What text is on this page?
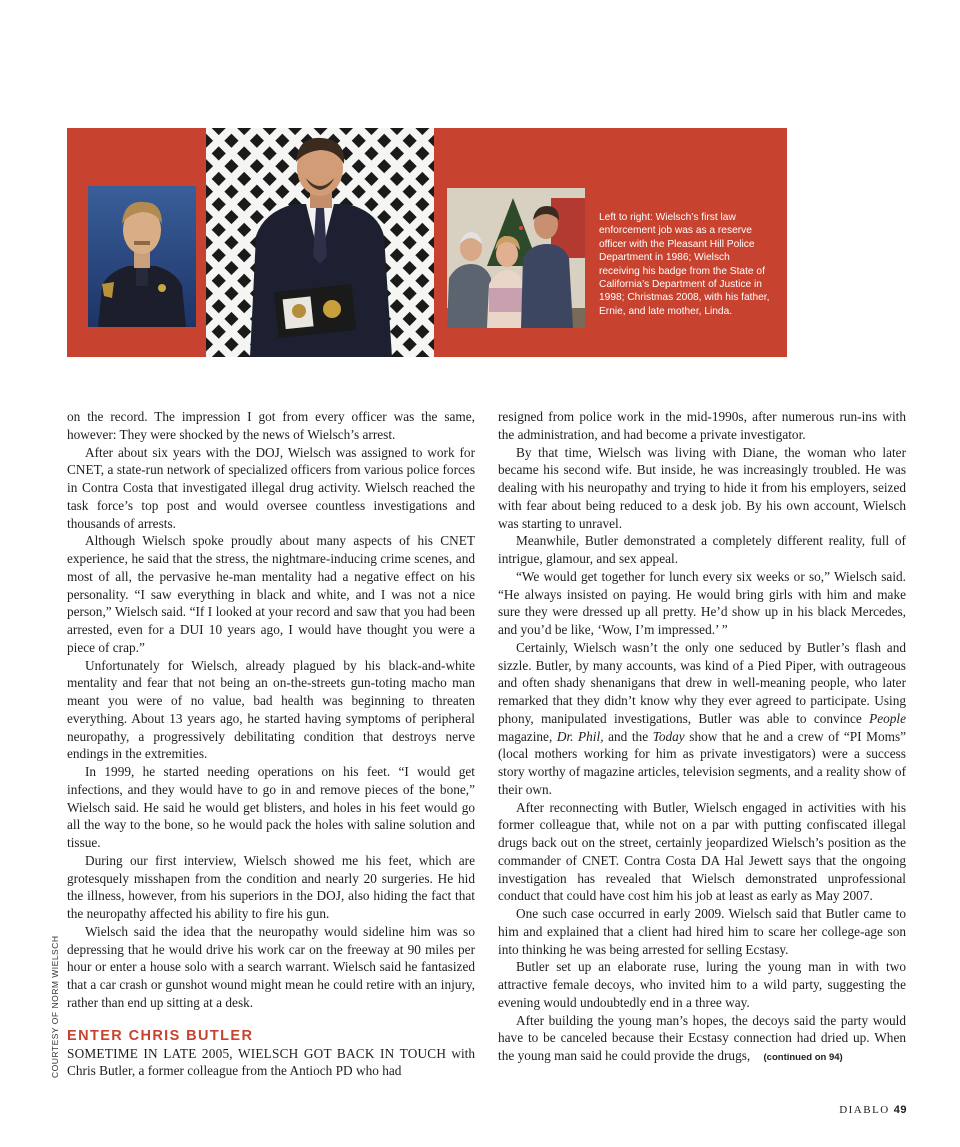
Left to right: Wielsch’s first law enforcement job was as a reserve officer with the Pleasant Hill Police Department in 1986; Wielsch receiving his badge from the State of California’s Department of Justice in 1998; Christmas 2008, with his father, Ernie, and late mother, Linda.
COURTESY OF NORM WIELSCH

on the record. The impression I got from every officer was the same, however: They were shocked by the news of Wielsch’s arrest.

After about six years with the DOJ, Wielsch was assigned to work for CNET, a state-run network of specialized officers from various police forces in Contra Costa that investigated illegal drug activity. Wielsch reached the task force’s top post and would oversee countless investigations and thousands of arrests.

Although Wielsch spoke proudly about many aspects of his CNET experience, he said that the stress, the nightmare-inducing crime scenes, and most of all, the pervasive he-man mentality had a negative effect on his personality. “I saw everything in black and white, and I was not a nice person,” Wielsch said. “If I looked at your record and saw that you had been arrested, even for a DUI 10 years ago, I would have thought you were a piece of crap.”

Unfortunately for Wielsch, already plagued by his black-and-white mentality and fear that not being an on-the-streets gun-toting macho man meant you were of no value, bad health was beginning to threaten everything. About 13 years ago, he started having symptoms of peripheral neuropathy, a progressively debilitating condition that destroys nerve endings in the extremities.

In 1999, he started needing operations on his feet. “I would get infections, and they would have to go in and remove pieces of the bone,” Wielsch said. He said he would get blisters, and holes in his feet would go all the way to the bone, so he would pack the holes with saline solution and tissue.

During our first interview, Wielsch showed me his feet, which are grotesquely misshapen from the condition and nearly 20 surgeries. He hid the illness, however, from his superiors in the DOJ, also hiding the fact that the neuropathy affected his ability to fire his gun.

Wielsch said the idea that the neuropathy would sideline him was so depressing that he would drive his work car on the freeway at 90 miles per hour or enter a house solo with a search warrant. Wielsch said he fantasized that a car crash or gunshot wound might mean he could retire with an injury, rather than end up sitting at a desk.

ENTER CHRIS BUTLER

SOMETIME IN LATE 2005, WIELSCH GOT BACK IN TOUCH with Chris Butler, a former colleague from the Antioch PD who had

resigned from police work in the mid-1990s, after numerous run-ins with the administration, and had become a private investigator.

By that time, Wielsch was living with Diane, the woman who later became his second wife. But inside, he was increasingly troubled. He was dealing with his neuropathy and trying to hide it from his employers, seized with fear about being reduced to a desk job. By his own account, Wielsch was starting to unravel.

Meanwhile, Butler demonstrated a completely different reality, full of intrigue, glamour, and sex appeal.

“We would get together for lunch every six weeks or so,” Wielsch said. “He always insisted on paying. He would bring girls with him and make sure they were dressed up all pretty. He’d show up in his black Mercedes, and you’d be like, ‘Wow, I’m impressed.’ ”

Certainly, Wielsch wasn’t the only one seduced by Butler’s flash and sizzle. Butler, by many accounts, was kind of a Pied Piper, with outrageous and often shady shenanigans that drew in well-meaning people, who later remarked that they didn’t know why they ever agreed to participate. Using phony, manipulated investigations, Butler was able to convince People magazine, Dr. Phil, and the Today show that he and a crew of “PI Moms” (local mothers working for him as private investigators) were a success story worthy of magazine articles, television segments, and a reality show of their own.

After reconnecting with Butler, Wielsch engaged in activities with his former colleague that, while not on a par with putting confiscated illegal drugs back out on the street, certainly jeopardized Wielsch’s position as the commander of CNET. Contra Costa DA Hal Jewett says that the ongoing investigation has revealed that Wielsch demonstrated unprofessional conduct that could have cost him his job at least as early as May 2007.

One such case occurred in early 2009. Wielsch said that Butler came to him and explained that a client had hired him to scare her college-age son into thinking he was being arrested for selling Ecstasy.

Butler set up an elaborate ruse, luring the young man in with two attractive female decoys, who invited him to a wild party, suggesting the evening would undoubtedly end in a three way.

After building the young man’s hopes, the decoys said the party would have to be canceled because their Ecstasy connection had dried up. When the young man said he could provide the drugs, (continued on 94)

DIABLO 49
